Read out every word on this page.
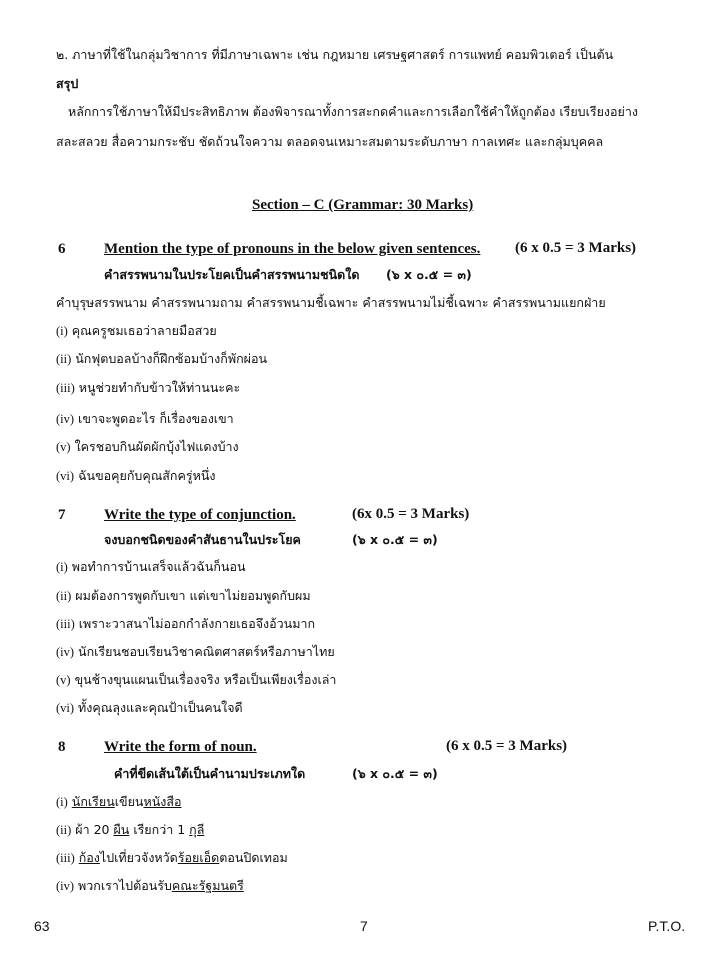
๒. ภาษาที่ใช้ในกลุ่มวิชาการ ที่มีภาษาเฉพาะ เช่น กฎหมาย เศรษฐศาสตร์ การแพทย์ คอมพิวเตอร์ เป็นต้น
สรุป
หลักการใช้ภาษาให้มีประสิทธิภาพ ต้องพิจารณาทั้งการสะกดคำและการเลือกใช้คำให้ถูกต้อง เรียบเรียงอย่าง
สละสลวย สื่อความกระชับ ชัดถ้วนใจความ ตลอดจนเหมาะสมตามระดับภาษา กาลเทศะ และกลุ่มบุคคล
Section – C (Grammar: 30 Marks)
6	Mention the type of pronouns in the below given sentences. (6 x 0.5 = 3 Marks)
คำสรรพนามในประโยคเป็นคำสรรพนามชนิดใด (๖ x ๐.๕ = ๓)
คำบุรุษสรรพนาม คำสรรพนามถาม คำสรรพนามชี้เฉพาะ คำสรรพนามไม่ชี้เฉพาะ คำสรรพนามแยกฝ่าย
(i) คุณครูชมเธอว่าลายมือสวย
(ii) นักฟุตบอลบ้างก็ฝึกซ้อมบ้างก็พักผ่อน
(iii) หนูช่วยทำกับข้าวให้ท่านนะคะ
(iv) เขาจะพูดอะไร ก็เรื่องของเขา
(v) ใครชอบกินผัดผักบุ้งไฟแดงบ้าง
(vi) ฉันขอคุยกับคุณสักครู่หนึ่ง
7	Write the type of conjunction.	(6x 0.5 = 3 Marks)
จงบอกชนิดของคำสันธานในประโยค	(๖ x ๐.๕ = ๓)
(i) พอทำการบ้านเสร็จแล้วฉันก็นอน
(ii) ผมต้องการพูดกับเขา แต่เขาไม่ยอมพูดกับผม
(iii) เพราะวาสนาไม่ออกกำลังกายเธอจึงอ้วนมาก
(iv) นักเรียนชอบเรียนวิชาคณิตศาสตร์หรือภาษาไทย
(v) ขุนช้างขุนแผนเป็นเรื่องจริง หรือเป็นเพียงเรื่องเล่า
(vi) ทั้งคุณลุงและคุณป้าเป็นคนใจดี
8	Write the form of noun.	(6 x 0.5 = 3 Marks)
คำที่ขีดเส้นใต้เป็นคำนามประเภทใด	(๖ x ๐.๕ = ๓)
(i) นักเรียนเขียนหนังสือ
(ii) ผ้า 20 ผืน เรียกว่า 1 กุลี
(iii) ก้องไปเที่ยวจังหวัดร้อยเอ็ดตอนปิดเทอม
(iv) พวกเราไปต้อนรับคณะรัฐมนตรี
63	7	P.T.O.
